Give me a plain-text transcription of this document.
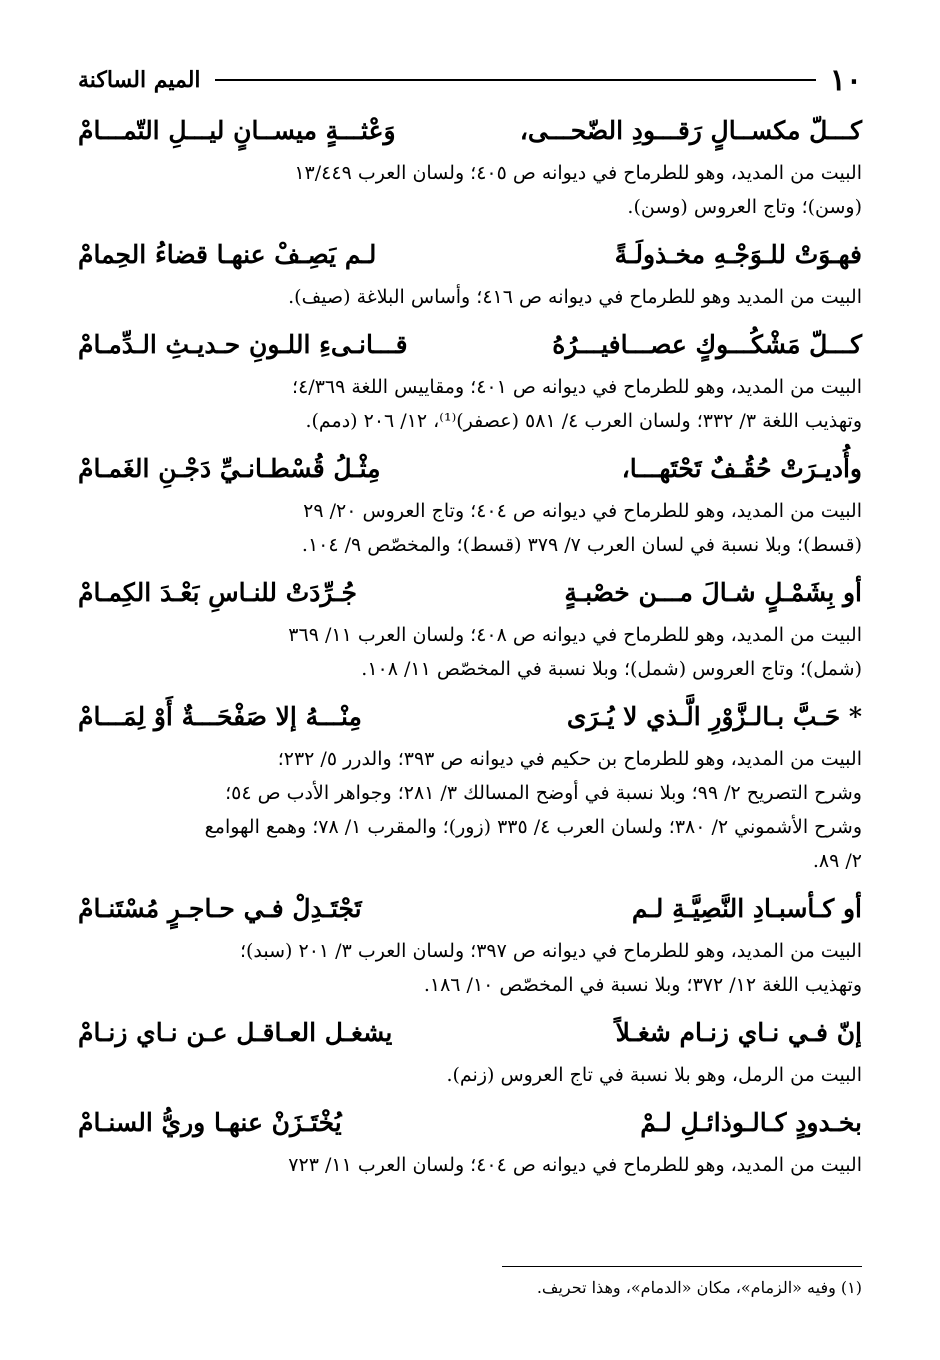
١٠
الميم الساكنة
كـــلّ مكســالٍ رَقـــودِ الضّحـــى،
وَعْثـــةٍ ميســانٍ ليـــلِ التّمـــامْ

البيت من المديد، وهو للطرماح في ديوانه ص ٤٠٥؛ ولسان العرب ١٣/٤٤٩

(وسن)؛ وتاج العروس (وسن).

فهـوَتْ للـوَجْـهِ مخـذولَـةً
لـم يَصِـفْ عنهـا قضاءُ الحِمامْ

البيت من المديد وهو للطرماح في ديوانه ص ٤١٦؛ وأساس البلاغة (صيف).

كـــلّ مَشْكُـــوكٍ عصـــافيـــرُهُ
قـــانـىءِ اللـونِ حـديـثِ الـدِّمـامْ

البيت من المديد، وهو للطرماح في ديوانه ص ٤٠١؛ ومقاييس اللغة ٤/٣٦٩؛

وتهذيب اللغة ٣/ ٣٣٢؛ ولسان العرب ٤/ ٥٨١ (عصفر)⁽¹⁾، ١٢/ ٢٠٦ (دمم).

وأُديـرَتْ حُقُـفٌ تَحْتَهـــا،
مِثْـلُ قُسْطـانـيِّ دَجْـنِ الغَمـامْ

البيت من المديد، وهو للطرماح في ديوانه ص ٤٠٤؛ وتاج العروس ٢٠/ ٢٩

(قسط)؛ وبلا نسبة في لسان العرب ٧/ ٣٧٩ (قسط)؛ والمخصّص ٩/ ١٠٤.

أو بِشَمْـلٍ شـالَ مـــن خصْبـةٍ
جُـرِّدَتْ للنـاسِ بَعْـدَ الكِمـامْ

البيت من المديد، وهو للطرماح في ديوانه ص ٤٠٨؛ ولسان العرب ١١/ ٣٦٩

(شمل)؛ وتاج العروس (شمل)؛ وبلا نسبة في المخصّص ١١/ ١٠٨.

* حَـبَّ بـالـزَّوْرِ الَّـذي لا يُـرَى
مِنْـــهُ إلا صَفْحَـــةٌ أَوْ لِمَـــامْ

البيت من المديد، وهو للطرماح بن حكيم في ديوانه ص ٣٩٣؛ والدرر ٥/ ٢٣٢؛

وشرح التصريح ٢/ ٩٩؛ وبلا نسبة في أوضح المسالك ٣/ ٢٨١؛ وجواهر الأدب ص ٥٤؛

وشرح الأشموني ٢/ ٣٨٠؛ ولسان العرب ٤/ ٣٣٥ (زور)؛ والمقرب ١/ ٧٨؛ وهمع الهوامع

٢/ ٨٩.

أو كـأسبـادِ النَّصِيَّـةِ لـم
تَجْتَـدِلْ فـي حـاجـرٍ مُسْتَنـامْ

البيت من المديد، وهو للطرماح في ديوانه ص ٣٩٧؛ ولسان العرب ٣/ ٢٠١ (سبد)؛

وتهذيب اللغة ١٢/ ٣٧٢؛ وبلا نسبة في المخصّص ١٠/ ١٨٦.

إنّ فـي نـاي زنـام شغـلاً
يشغـل العـاقـل عـن نـاي زنـامْ

البيت من الرمل، وهو بلا نسبة في تاج العروس (زنم).

بخـدودٍ كـالـوذائـلِ لـمْ
يُخْتَـزَنْ عنهـا وريُّ السنـامْ

البيت من المديد، وهو للطرماح في ديوانه ص ٤٠٤؛ ولسان العرب ١١/ ٧٢٣

(١) وفيه «الزمام»، مكان «الدمام»، وهذا تحريف.
